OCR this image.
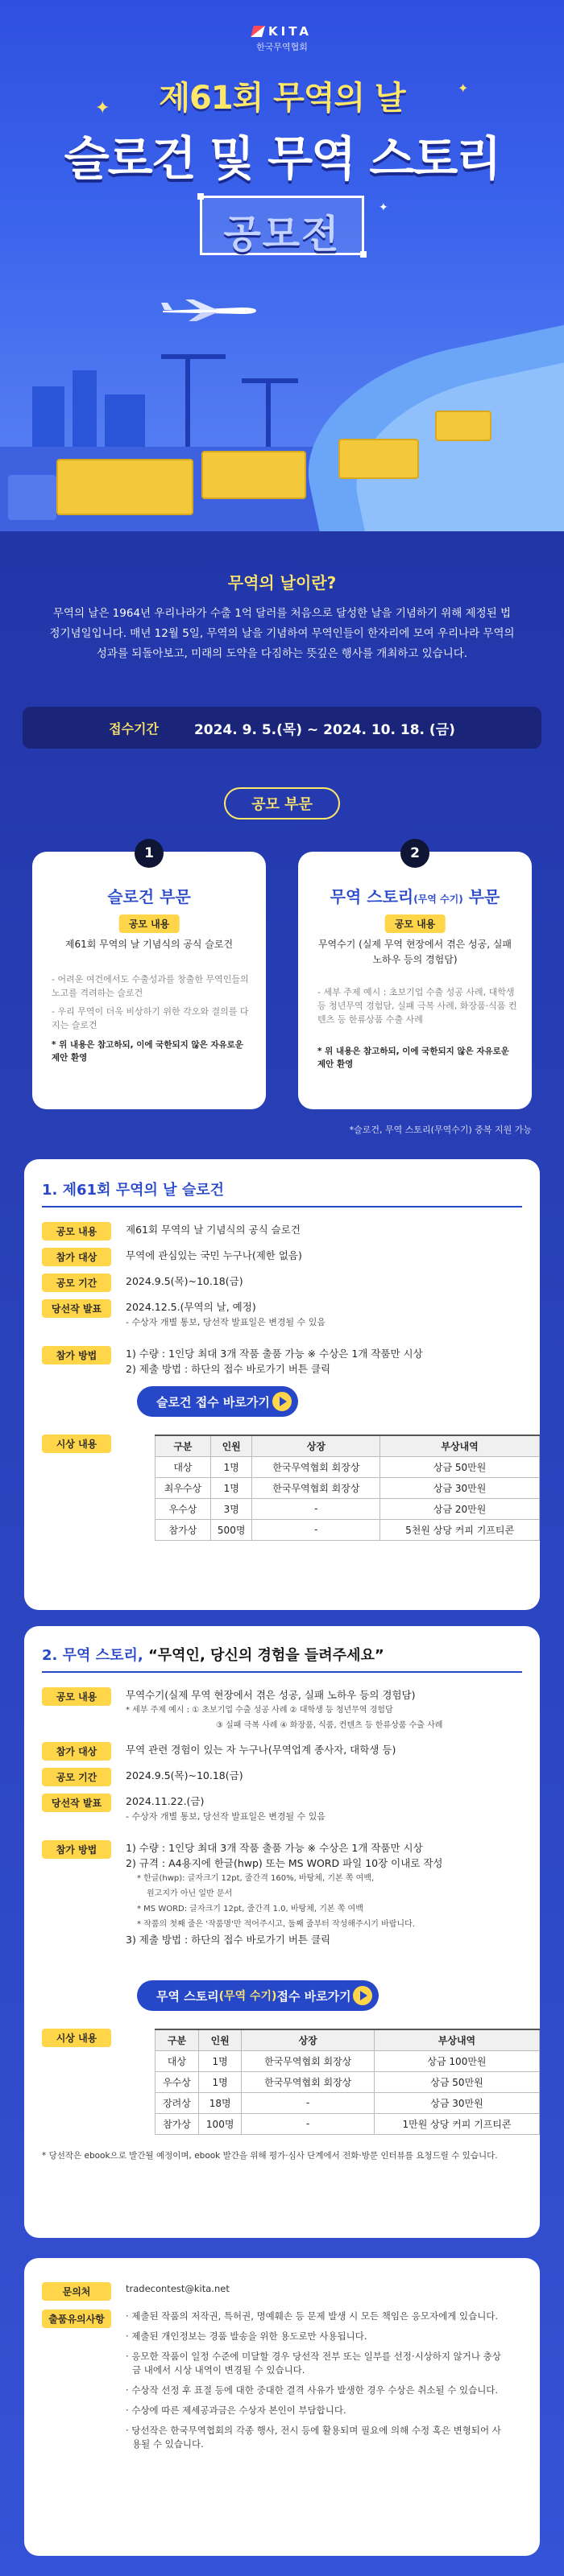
KITA
한국무역협회
✦
✦
✦
제61회 무역의 날
슬로건 및 무역 스토리
공모전
무역의 날이란?
무역의 날은 1964년 우리나라가 수출 1억 달러를 처음으로 달성한 날을 기념하기 위해 제정된 법정기념일입니다. 매년 12월 5일, 무역의 날을 기념하여 무역인들이 한자리에 모여 우리나라 무역의 성과를 되돌아보고, 미래의 도약을 다짐하는 뜻깊은 행사를 개최하고 있습니다.
접수기간	2024. 9. 5.(목) ~ 2024. 10. 18. (금)
공모 부문
1
슬로건 부문
공모 내용
제61회 무역의 날 기념식의 공식 슬로건
- 어려운 여건에서도 수출성과를 창출한 무역인들의 노고를 격려하는 슬로건
- 우리 무역이 더욱 비상하기 위한 각오와 결의를 다지는 슬로건
* 위 내용은 참고하되, 이에 국한되지 않은 자유로운 제안 환영
2
무역 스토리(무역 수기) 부문
공모 내용
무역수기 (실제 무역 현장에서 겪은 성공, 실패 노하우 등의 경험담)
- 세부 주제 예시 : 초보기업 수출 성공 사례, 대학생 등 청년무역 경험담, 실패 극복 사례, 화장품·식품 컨텐츠 등 한류상품 수출 사례
* 위 내용은 참고하되, 이에 국한되지 않은 자유로운 제안 환영
*슬로건, 무역 스토리(무역수기) 중복 지원 가능
1. 제61회 무역의 날 슬로건
공모 내용	제61회 무역의 날 기념식의 공식 슬로건
참가 대상	무역에 관심있는 국민 누구나(제한 없음)
공모 기간	2024.9.5(목)~10.18(금)
당선작 발표	2024.12.5.(무역의 날, 예정)
- 수상자 개별 통보, 당선작 발표일은 변경될 수 있음
참가 방법	1) 수량 : 1인당 최대 3개 작품 출품 가능 ※ 수상은 1개 작품만 시상
2) 제출 방법 : 하단의 접수 바로가기 버튼 클릭
슬로건 접수 바로가기
시상 내용	구분	인원	상장	부상내역
대상	1명	한국무역협회 회장상	상금 50만원
최우수상	1명	한국무역협회 회장상	상금 30만원
우수상	3명	-	상금 20만원
참가상	500명	-	5천원 상당 커피 기프티콘
2. 무역 스토리, “무역인, 당신의 경험을 들려주세요”
공모 내용	무역수기(실제 무역 현장에서 겪은 성공, 실패 노하우 등의 경험담)
* 세부 주제 예시 : ① 초보기업 수출 성공 사례 ② 대학생 등 청년무역 경험담
③ 실패 극복 사례 ④ 화장품, 식품, 컨텐츠 등 한류상품 수출 사례
참가 대상	무역 관련 경험이 있는 자 누구나(무역업계 종사자, 대학생 등)
공모 기간	2024.9.5(목)~10.18(금)
당선작 발표	2024.11.22.(금)
- 수상자 개별 통보, 당선작 발표일은 변경될 수 있음
참가 방법	1) 수량 : 1인당 최대 3개 작품 출품 가능 ※ 수상은 1개 작품만 시상
2) 규격 : A4용지에 한글(hwp) 또는 MS WORD 파일 10장 이내로 작성
* 한글(hwp): 글자크기 12pt, 줄간격 160%, 바탕체, 기본 쪽 여백,
원고지가 아닌 일반 문서
* MS WORD: 글자크기 12pt, 줄간격 1.0, 바탕체, 기본 쪽 여백
* 작품의 첫째 줄은 '작품명'만 적어주시고, 둘째 줄부터 작성해주시기 바랍니다.
3) 제출 방법 : 하단의 접수 바로가기 버튼 클릭
무역 스토리 (무역 수기) 접수 바로가기
시상 내용	구분	인원	상장	부상내역
대상	1명	한국무역협회 회장상	상금 100만원
우수상	1명	한국무역협회 회장상	상금 50만원
장려상	18명	-	상금 30만원
참가상	100명	-	1만원 상당 커피 기프티콘
* 당선작은 ebook으로 발간될 예정이며, ebook 발간을 위해 평가·심사 단계에서 전화·방문 인터뷰를 요청드릴 수 있습니다.
문의처	tradecontest@kita.net
출품유의사항	· 제출된 작품의 저작권, 특허권, 명예훼손 등 문제 발생 시 모든 책임은 응모자에게 있습니다.
· 제출된 개인정보는 경품 발송을 위한 용도로만 사용됩니다.
· 응모한 작품이 일정 수준에 미달할 경우 당선작 전부 또는 일부를 선정·시상하지 않거나 충상금 내에서 시상 내역이 변경될 수 있습니다.
· 수상작 선정 후 표절 등에 대한 중대한 결격 사유가 발생한 경우 수상은 취소될 수 있습니다.
· 수상에 따른 제세공과금은 수상자 본인이 부담합니다.
· 당선작은 한국무역협회의 각종 행사, 전시 등에 활용되며 필요에 의해 수정 혹은 변형되어 사용될 수 있습니다.
